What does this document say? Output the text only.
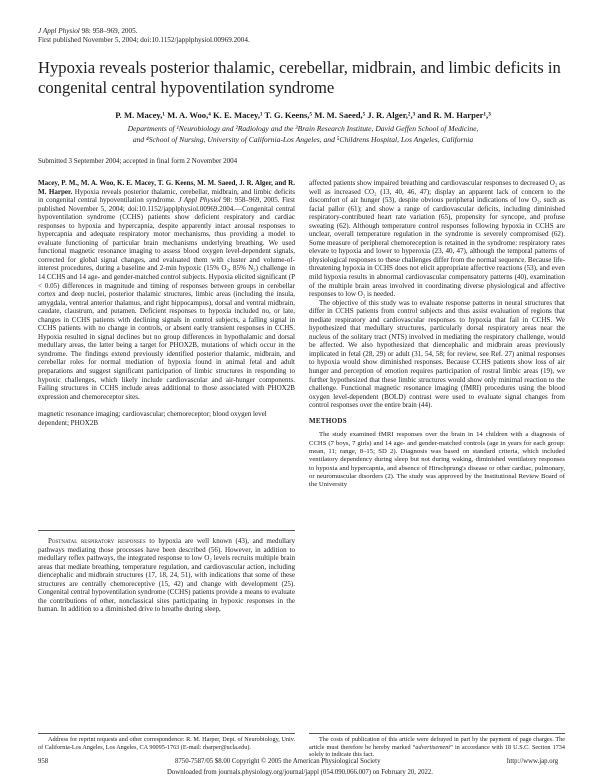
J Appl Physiol 98: 958–969, 2005.
First published November 5, 2004; doi:10.1152/japplphysiol.00969.2004.
Hypoxia reveals posterior thalamic, cerebellar, midbrain, and limbic deficits in congenital central hypoventilation syndrome
P. M. Macey,¹ M. A. Woo,⁴ K. E. Macey,¹ T. G. Keens,⁵ M. M. Saeed,⁵ J. R. Alger,²,³ and R. M. Harper¹,³
Departments of ¹Neurobiology and ²Radiology and the ³Brain Research Institute, David Geffen School of Medicine,
and ⁴School of Nursing, University of California-Los Angeles, and ⁵Childrens Hospital, Los Angeles, California
Submitted 3 September 2004; accepted in final form 2 November 2004

Macey, P. M., M. A. Woo, K. E. Macey, T. G. Keens, M. M. Saeed, J. R. Alger, and R. M. Harper. Hypoxia reveals posterior thalamic, cerebellar, midbrain, and limbic deficits in congenital central hypoventilation syndrome. J Appl Physiol 98: 958–969, 2005. First published November 5, 2004; doi:10.1152/japplphysiol.00969.2004.—Congenital central hypoventilation syndrome (CCHS) patients show deficient respiratory and cardiac responses to hypoxia and hypercapnia, despite apparently intact arousal responses to hypercapnia and adequate respiratory motor mechanisms, thus providing a model to evaluate functioning of particular brain mechanisms underlying breathing. We used functional magnetic resonance imaging to assess blood oxygen level-dependent signals, corrected for global signal changes, and evaluated them with cluster and volume-of-interest procedures, during a baseline and 2-min hypoxic (15% O₂, 85% N₂) challenge in 14 CCHS and 14 age- and gender-matched control subjects. Hypoxia elicited significant (P < 0.05) differences in magnitude and timing of responses between groups in cerebellar cortex and deep nuclei, posterior thalamic structures, limbic areas (including the insula, amygdala, ventral anterior thalamus, and right hippocampus), dorsal and ventral midbrain, caudate, claustrum, and putamen. Deficient responses to hypoxia included no, or late, changes in CCHS patients with declining signals in control subjects, a falling signal in CCHS patients with no change in controls, or absent early transient responses in CCHS. Hypoxia resulted in signal declines but no group differences in hypothalamic and dorsal medullary areas, the latter being a target for PHOX2B, mutations of which occur in the syndrome. The findings extend previously identified posterior thalamic, midbrain, and cerebellar roles for normal mediation of hypoxia found in animal fetal and adult preparations and suggest significant participation of limbic structures in responding to hypoxic challenges, which likely include cardiovascular and air-hunger components. Failing structures in CCHS include areas additional to those associated with PHOX2B expression and chemoreceptor sites.

magnetic resonance imaging; cardiovascular; chemoreceptor; blood oxygen level dependent; PHOX2B

Postnatal respiratory responses to hypoxia are well known (43), and medullary pathways mediating those processes have been described (56). However, in addition to medullary reflex pathways, the integrated response to low O₂ levels recruits multiple brain areas that mediate breathing, temperature regulation, and cardiovascular action, including diencephalic and midbrain structures (17, 18, 24, 51), with indications that some of these structures are centrally chemoreceptive (15, 42) and change with development (25). Congenital central hypoventilation syndrome (CCHS) patients provide a means to evaluate the contributions of other, nonclassical sites participating in hypoxic responses in the human. In addition to a diminished drive to breathe during sleep,

affected patients show impaired breathing and cardiovascular responses to decreased O₂ as well as increased CO₂ (13, 40, 46, 47); display an apparent lack of concern to the discomfort of air hunger (53), despite obvious peripheral indications of low O₂, such as facial pallor (61); and show a range of cardiovascular deficits, including diminished respiratory-contributed heart rate variation (65), propensity for syncope, and profuse sweating (62). Although temperature control responses following hypoxia in CCHS are unclear, overall temperature regulation in the syndrome is severely compromised (62). Some measure of peripheral chemoreception is retained in the syndrome: respiratory rates elevate to hypoxia and lower to hyperoxia (23, 40, 47), although the temporal patterns of physiological responses to these challenges differ from the normal sequence. Because life-threatening hypoxia in CCHS does not elicit appropriate affective reactions (53), and even mild hypoxia results in abnormal cardiovascular compensatory patterns (40), examination of the multiple brain areas involved in coordinating diverse physiological and affective responses to low O₂ is needed.

The objective of this study was to evaluate response patterns in neural structures that differ in CCHS patients from control subjects and thus assist evaluation of regions that mediate respiratory and cardiovascular responses to hypoxia that fail in CCHS. We hypothesized that medullary structures, particularly dorsal respiratory areas near the nucleus of the solitary tract (NTS) involved in mediating the respiratory challenge, would be affected. We also hypothesized that diencephalic and midbrain areas previously implicated in fetal (28, 29) or adult (31, 54, 58; for review, see Ref. 27) animal responses to hypoxia would show diminished responses. Because CCHS patients show loss of air hunger and perception of emotion requires participation of rostral limbic areas (19), we further hypothesized that these limbic structures would show only minimal reaction to the challenge. Functional magnetic resonance imaging (fMRI) procedures using the blood oxygen level-dependent (BOLD) contrast were used to evaluate signal changes from control responses over the entire brain (44).

METHODS

The study examined fMRI responses over the brain in 14 children with a diagnosis of CCHS (7 boys, 7 girls) and 14 age- and gender-matched controls (age in years for each group: mean, 11; range, 8–15; SD 2). Diagnosis was based on standard criteria, which included ventilatory dependency during sleep but not during waking, diminished ventilatory responses to hypoxia and hypercapnia, and absence of Hirschprung's disease or other cardiac, pulmonary, or neuromuscular disorders (2). The study was approved by the Institutional Review Board of the University

Address for reprint requests and other correspondence: R. M. Harper, Dept. of Neurobiology, Univ. of California-Los Angeles, Los Angeles, CA 90095-1763 (E-mail: rharper@ucla.edu).
The costs of publication of this article were defrayed in part by the payment of page charges. The article must therefore be hereby marked “advertisement” in accordance with 18 U.S.C. Section 1734 solely to indicate this fact.
958	8750-7587/05 $8.00 Copyright © 2005 the American Physiological Society	http://www.jap.org
Downloaded from journals.physiology.org/journal/jappl (054.090.066.007) on February 20, 2022.
